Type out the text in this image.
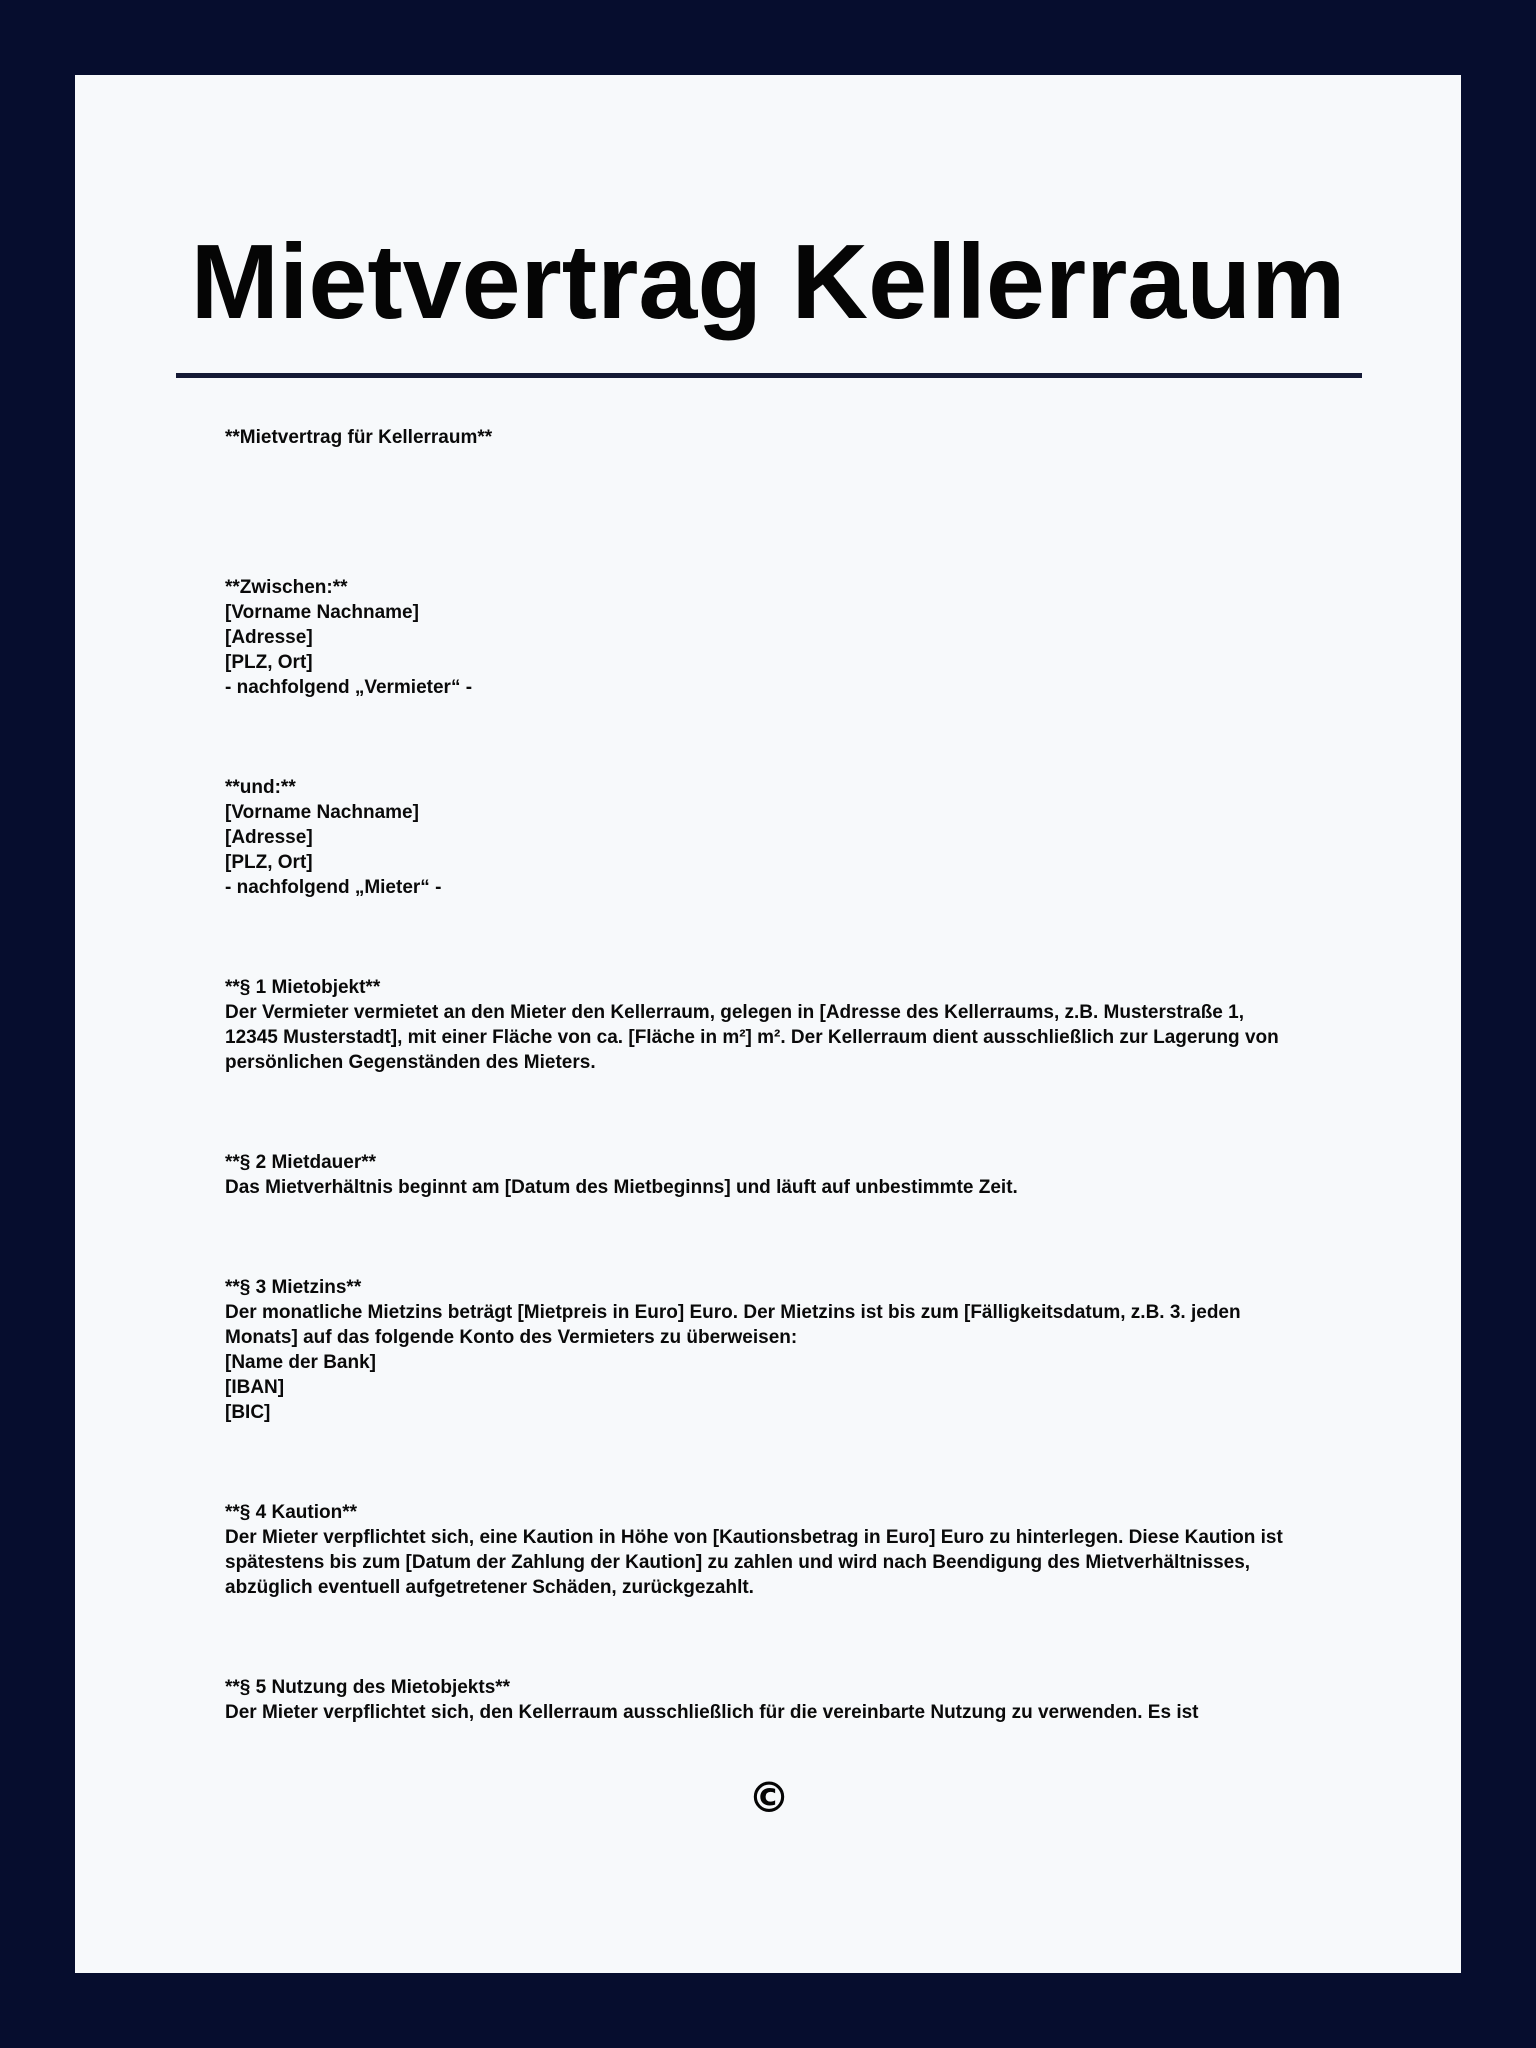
Mietvertrag Kellerraum

**Mietvertrag für Kellerraum**

**Zwischen:**

[Vorname Nachname]

[Adresse]

[PLZ, Ort]

- nachfolgend „Vermieter“ -

**und:**

[Vorname Nachname]

[Adresse]

[PLZ, Ort]

- nachfolgend „Mieter“ -

**§ 1 Mietobjekt**

Der Vermieter vermietet an den Mieter den Kellerraum, gelegen in [Adresse des Kellerraums, z.B. Musterstraße 1,

12345 Musterstadt], mit einer Fläche von ca. [Fläche in m²] m². Der Kellerraum dient ausschließlich zur Lagerung von

persönlichen Gegenständen des Mieters.

**§ 2 Mietdauer**

Das Mietverhältnis beginnt am [Datum des Mietbeginns] und läuft auf unbestimmte Zeit.

**§ 3 Mietzins**

Der monatliche Mietzins beträgt [Mietpreis in Euro] Euro. Der Mietzins ist bis zum [Fälligkeitsdatum, z.B. 3. jeden

Monats] auf das folgende Konto des Vermieters zu überweisen:

[Name der Bank]

[IBAN]

[BIC]

**§ 4 Kaution**

Der Mieter verpflichtet sich, eine Kaution in Höhe von [Kautionsbetrag in Euro] Euro zu hinterlegen. Diese Kaution ist

spätestens bis zum [Datum der Zahlung der Kaution] zu zahlen und wird nach Beendigung des Mietverhältnisses,

abzüglich eventuell aufgetretener Schäden, zurückgezahlt.

**§ 5 Nutzung des Mietobjekts**

Der Mieter verpflichtet sich, den Kellerraum ausschließlich für die vereinbarte Nutzung zu verwenden. Es ist

©
